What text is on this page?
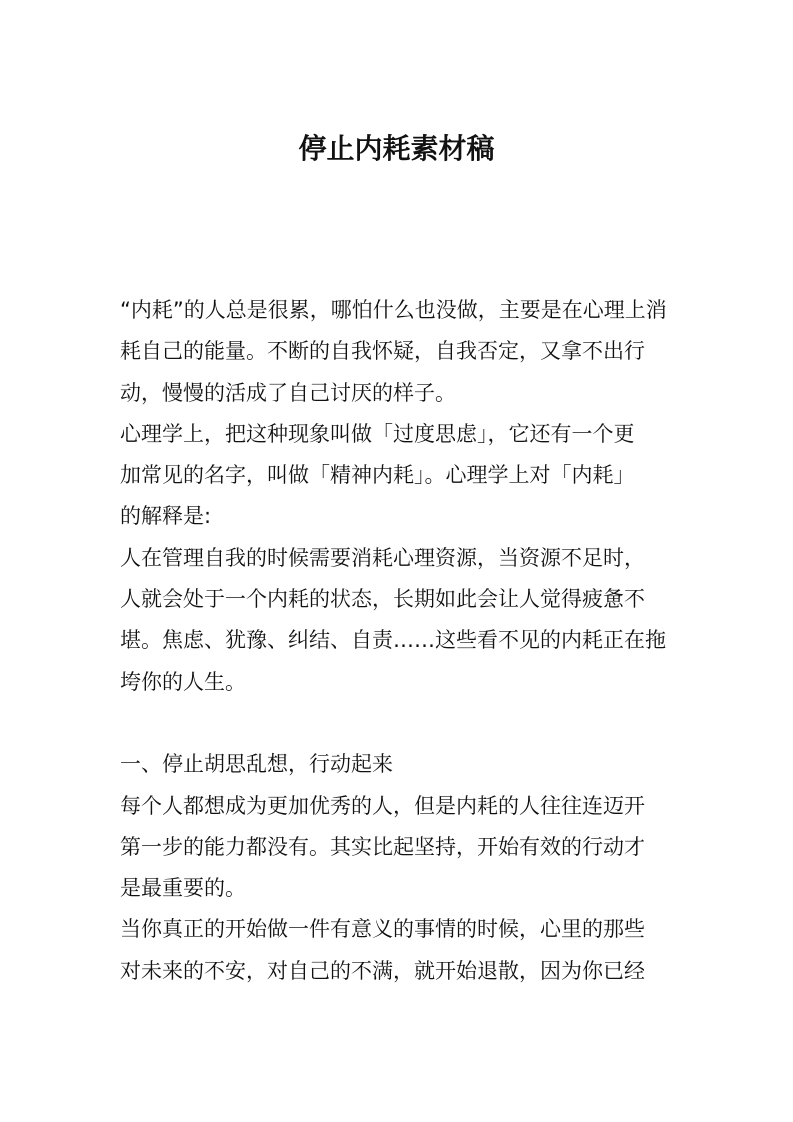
停止内耗素材稿
“内耗”的人总是很累，哪怕什么也没做，主要是在心理上消
耗自己的能量。不断的自我怀疑，自我否定，又拿不出行
动，慢慢的活成了自己讨厌的样子。
心理学上，把这种现象叫做「过度思虑」，它还有一个更
加常见的名字，叫做「精神内耗」。心理学上对「内耗」
的解释是:
人在管理自我的时候需要消耗心理资源，当资源不足时，
人就会处于一个内耗的状态，长期如此会让人觉得疲惫不
堪。焦虑、犹豫、纠结、自责……这些看不见的内耗正在拖
垮你的人生。
一、停止胡思乱想，行动起来
每个人都想成为更加优秀的人，但是内耗的人往往连迈开
第一步的能力都没有。其实比起坚持，开始有效的行动才
是最重要的。
当你真正的开始做一件有意义的事情的时候，心里的那些
对未来的不安，对自己的不满，就开始退散，因为你已经
